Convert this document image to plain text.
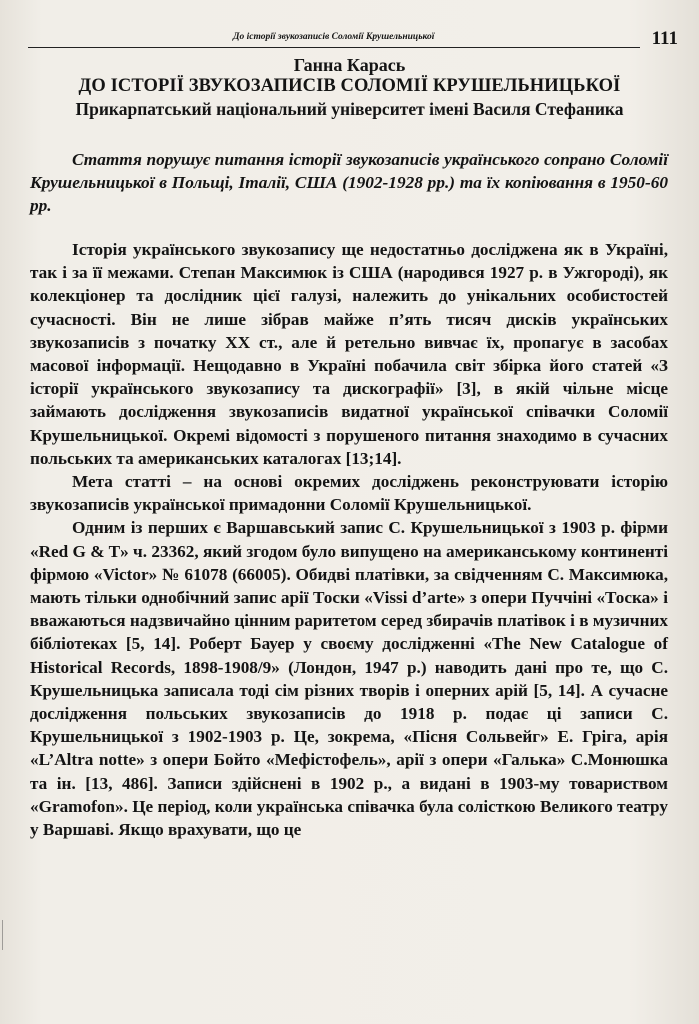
До історії звукозаписів Соломії Крушельницької	111
Ганна Карась
ДО ІСТОРІЇ ЗВУКОЗАПИСІВ СОЛОМІЇ КРУШЕЛЬНИЦЬКОЇ
Прикарпатський національний університет імені Василя Стефаника
Стаття порушує питання історії звукозаписів українського сопрано Соломії Крушельницької в Польщі, Італії, США (1902-1928 рр.) та їх копіювання в 1950-60 рр.

Історія українського звукозапису ще недостатньо досліджена як в Україні, так і за її межами. Степан Максимюк із США (народився 1927 р. в Ужгороді), як колекціонер та дослідник цієї галузі, належить до унікальних особистостей сучасності. Він не лише зібрав майже п’ять тисяч дисків українських звукозаписів з початку XX ст., але й ретельно вивчає їх, пропагує в засобах масової інформації. Нещодавно в Україні побачила світ збірка його статей «З історії українського звукозапису та дискографії» [3], в якій чільне місце займають дослідження звукозаписів видатної української співачки Соломії Крушельницької. Окремі відомості з порушеного питання знаходимо в сучасних польських та американських каталогах [13;14].

Мета статті – на основі окремих досліджень реконструювати історію звукозаписів української примадонни Соломії Крушельницької.

Одним із перших є Варшавський запис С. Крушельницької з 1903 р. фірми «Red G & T» ч. 23362, який згодом було випущено на американському континенті фірмою «Victor» № 61078 (66005). Обидві платівки, за свідченням С. Максимюка, мають тільки однобічний запис арії Тоски «Vissi d’arte» з опери Пуччіні «Тоска» і вважаються надзвичайно цінним раритетом серед збирачів платівок і в музичних бібліотеках [5, 14]. Роберт Бауер у своєму дослідженні «The New Catalogue of Historical Records, 1898-1908/9» (Лондон, 1947 р.) наводить дані про те, що С. Крушельницька записала тоді сім різних творів і оперних арій [5, 14]. А сучасне дослідження польських звукозаписів до 1918 р. подає ці записи С. Крушельницької з 1902-1903 р. Це, зокрема, «Пісня Сольвейг» Е. Гріга, арія «L’Altra notte» з опери Бойто «Мефістофель», арії з опери «Галька» С.Монюшка та ін. [13, 486]. Записи здійснені в 1902 р., а видані в 1903-му товариством «Gramofon». Це період, коли українська співачка була солісткою Великого театру у Варшаві. Якщо врахувати, що це
